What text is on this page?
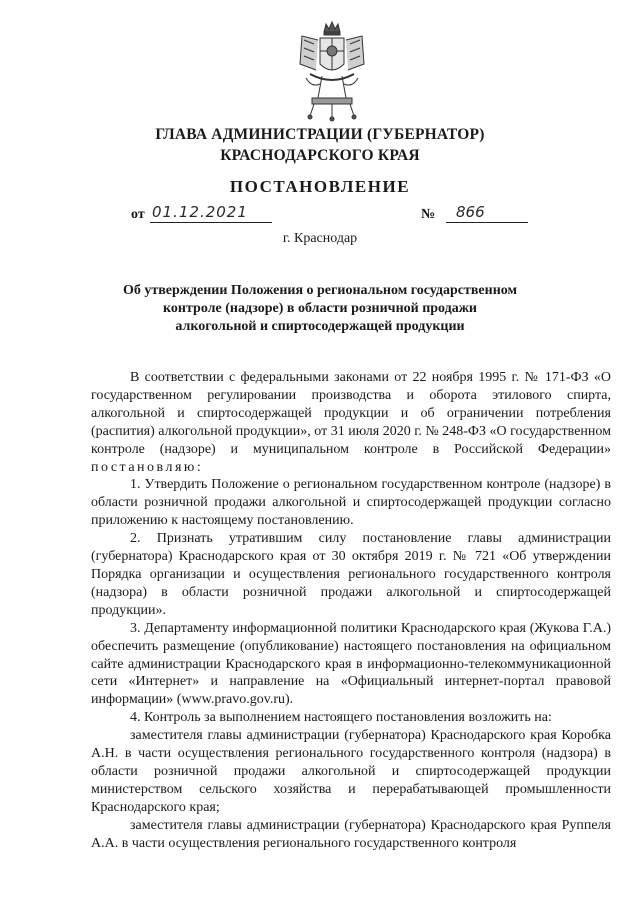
ГЛАВА АДМИНИСТРАЦИИ (ГУБЕРНАТОР)
КРАСНОДАРСКОГО КРАЯ
ПОСТАНОВЛЕНИЕ
от 01.12.2021	№ 866
г. Краснодар
Об утверждении Положения о региональном государственном
контроле (надзоре) в области розничной продажи
алкогольной и спиртосодержащей продукции

В соответствии с федеральными законами от 22 ноября 1995 г. № 171-ФЗ «О государственном регулировании производства и оборота этилового спирта, алкогольной и спиртосодержащей продукции и об ограничении потребления (распития) алкогольной продукции», от 31 июля 2020 г. № 248-ФЗ «О государственном контроле (надзоре) и муниципальном контроле в Российской Федерации» постановляю:

1. Утвердить Положение о региональном государственном контроле (надзоре) в области розничной продажи алкогольной и спиртосодержащей продукции согласно приложению к настоящему постановлению.

2. Признать утратившим силу постановление главы администрации (губернатора) Краснодарского края от 30 октября 2019 г. № 721 «Об утверждении Порядка организации и осуществления регионального государственного контроля (надзора) в области розничной продажи алкогольной и спиртосодержащей продукции».

3. Департаменту информационной политики Краснодарского края (Жукова Г.А.) обеспечить размещение (опубликование) настоящего постановления на официальном сайте администрации Краснодарского края в информационно-телекоммуникационной сети «Интернет» и направление на «Официальный интернет-портал правовой информации» (www.pravo.gov.ru).

4. Контроль за выполнением настоящего постановления возложить на:

заместителя главы администрации (губернатора) Краснодарского края Коробка А.Н. в части осуществления регионального государственного контроля (надзора) в области розничной продажи алкогольной и спиртосодержащей продукции министерством сельского хозяйства и перерабатывающей промышленности Краснодарского края;

заместителя главы администрации (губернатора) Краснодарского края Руппеля А.А. в части осуществления регионального государственного контроля
